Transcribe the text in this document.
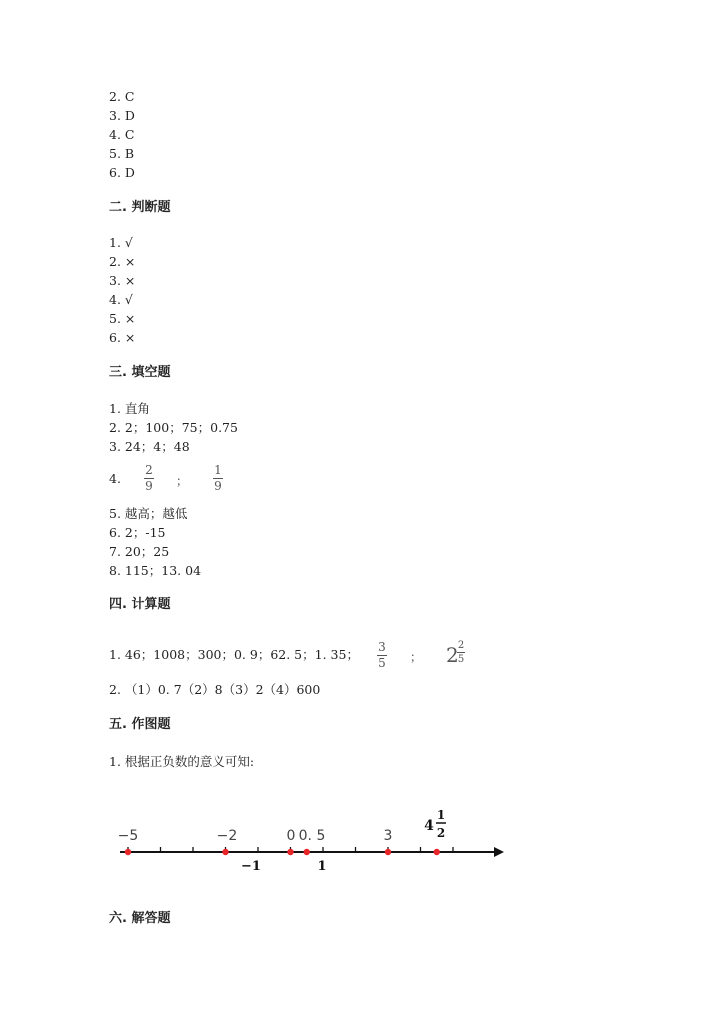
2. C
3. D
4. C
5. B
6. D
二. 判断题
1. √
2. ×
3. ×
4. √
5. ×
6. ×
三. 填空题
1. 直角
2. 2；100；75；0.75
3. 24；4；48
4.
2
9 ；
1
9
5. 越高；越低
6. 2；-15
7. 20；25
8. 115；13. 04
四. 计算题
1. 46；1008；300；0. 9；62. 5；1. 35； 3
5 ； 2 2
5
2. （1）0. 7（2）8（3）2（4）600
五. 作图题
1. 根据正负数的意义可知:
−5	−2	0 0. 5	3
4
1
2
−1	1
六. 解答题
